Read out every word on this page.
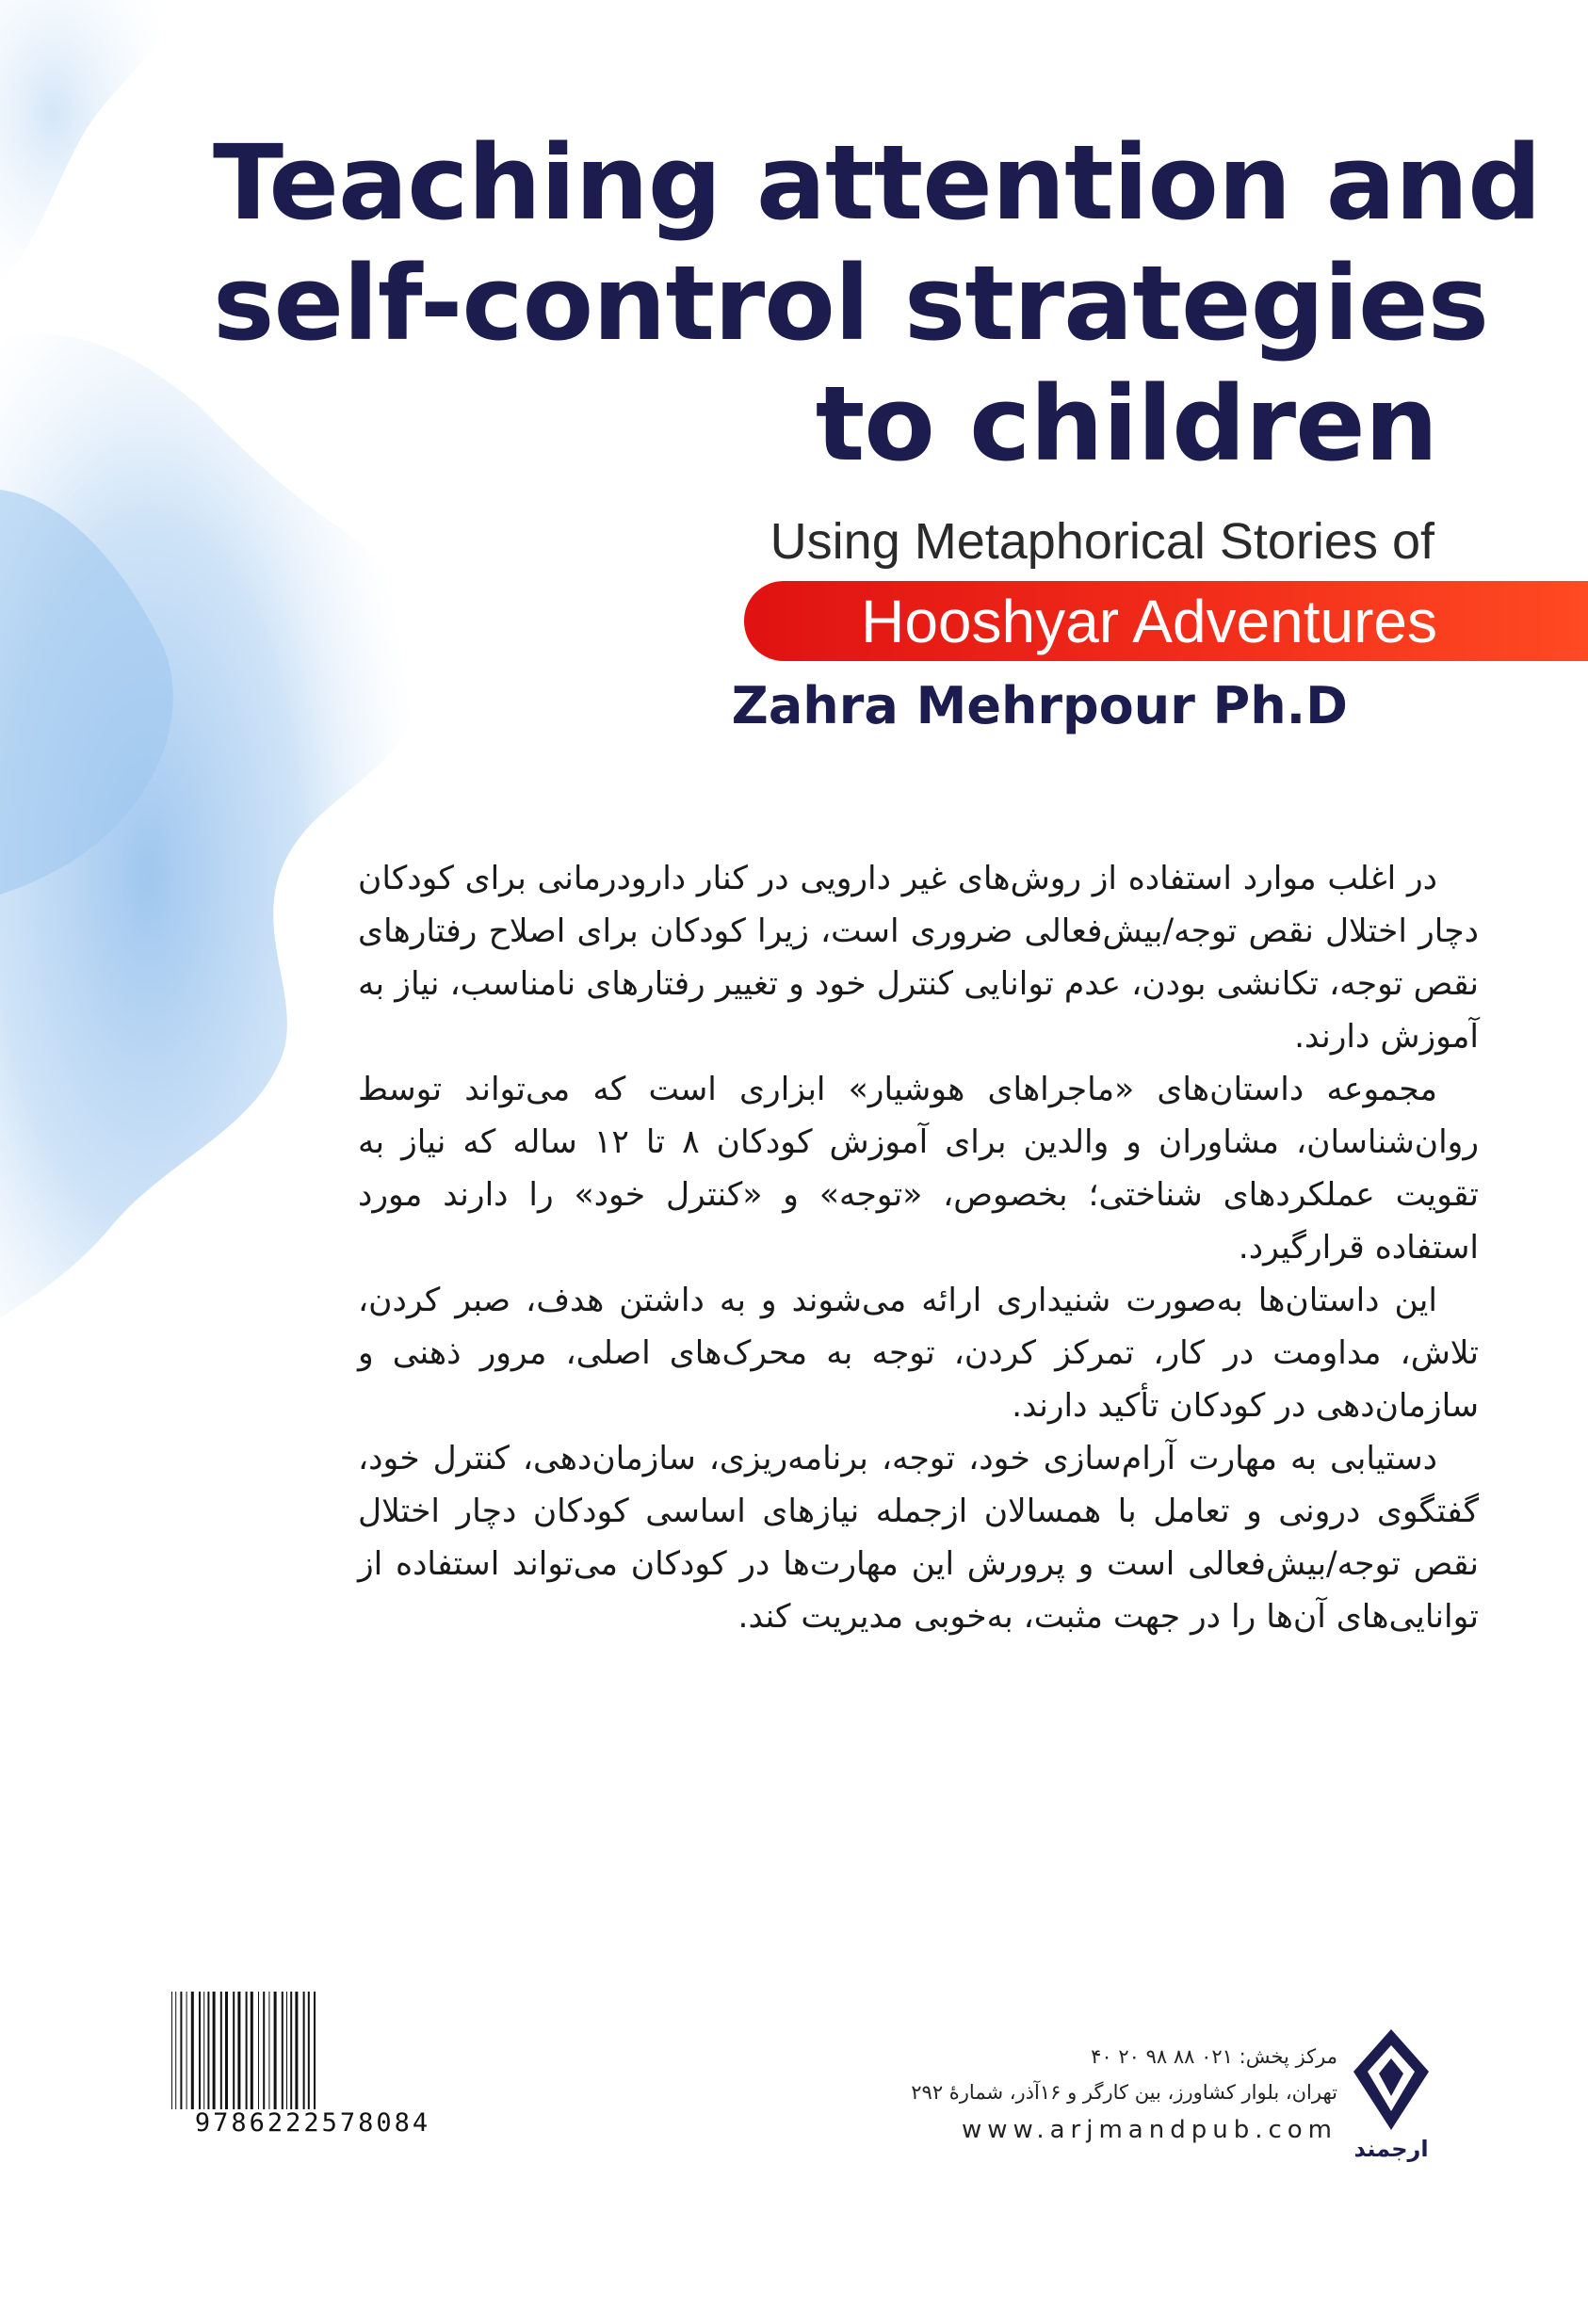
Teaching attention and
self-control strategies
to children
Using Metaphorical Stories of
Hooshyar Adventures
Zahra Mehrpour Ph.D

در اغلب موارد استفاده از روش‌های غیر دارویی در کنار دارودرمانی برای کودکان دچار اختلال نقص توجه/بیش‌فعالی ضروری است، زیرا کودکان برای اصلاح رفتارهای نقص توجه، تکانشی بودن، عدم توانایی کنترل خود و تغییر رفتارهای نامناسب، نیاز به آموزش دارند.

مجموعه داستان‌های «ماجراهای هوشیار» ابزاری است که می‌تواند توسط روان‌شناسان، مشاوران و والدین برای آموزش کودکان ۸ تا ۱۲ ساله که نیاز به تقویت عملکردهای شناختی؛ بخصوص، «توجه» و «کنترل خود» را دارند مورد استفاده قرارگیرد.

این داستان‌ها به‌صورت شنیداری ارائه می‌شوند و به داشتن هدف، صبر کردن، تلاش، مداومت در کار، تمرکز کردن، توجه به محرک‌های اصلی، مرور ذهنی و سازمان‌دهی در کودکان تأکید دارند.

دستیابی به مهارت آرام‌سازی خود، توجه، برنامه‌ریزی، سازمان‌دهی، کنترل خود، گفتگوی درونی و تعامل با همسالان ازجمله نیازهای اساسی کودکان دچار اختلال نقص توجه/بیش‌فعالی است و پرورش این مهارت‌ها در کودکان می‌تواند استفاده از توانایی‌های آن‌ها را در جهت مثبت، به‌خوبی مدیریت کند.

9786222578084
مرکز پخش: ۰۲۱ ۸۸ ۹۸ ۲۰ ۴۰
تهران، بلوار کشاورز، بین کارگر و ۱۶آذر، شمارهٔ ۲۹۲
www.arjmandpub.com
ارجمند
